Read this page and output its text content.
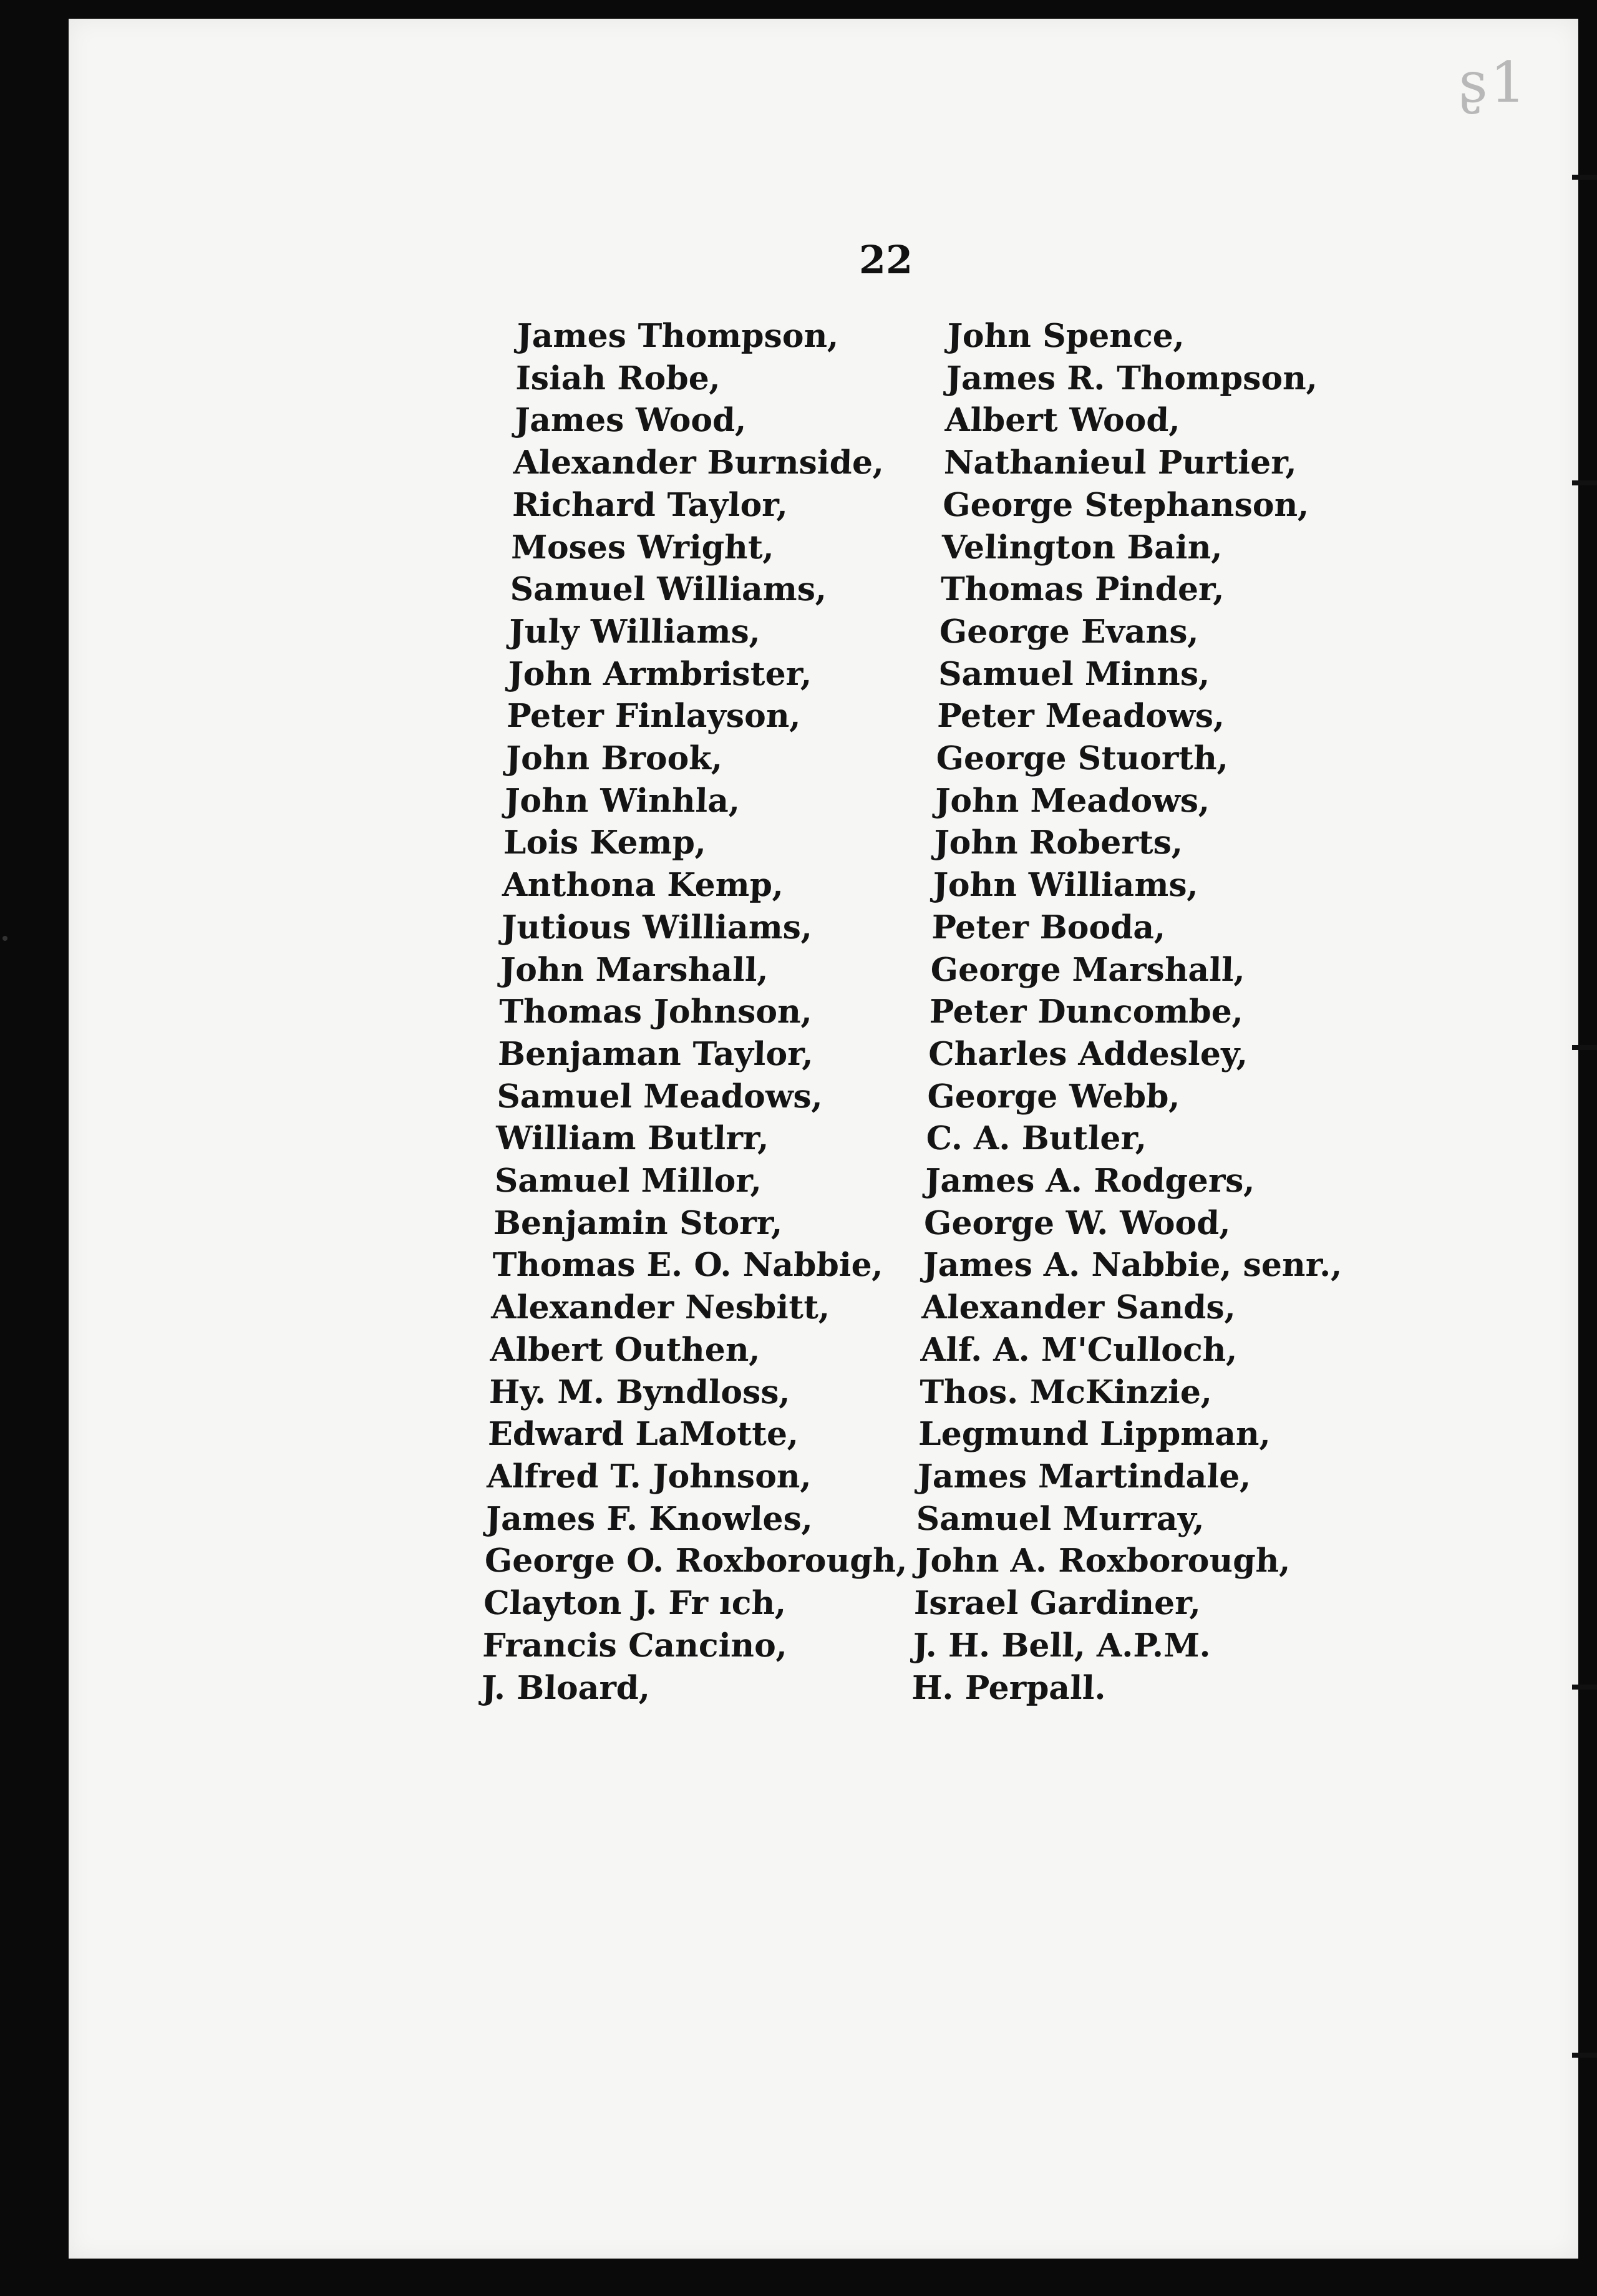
ʂ1
22
James Thompson,
Isiah Robe,
James Wood,
Alexander Burnside,
Richard Taylor,
Moses Wright,
Samuel Williams,
July Williams,
John Armbrister,
Peter Finlayson,
John Brook,
John Winhla,
Lois Kemp,
Anthona Kemp,
Jutious Williams,
John Marshall,
Thomas Johnson,
Benjaman Taylor,
Samuel Meadows,
William Butlrr,
Samuel Millor,
Benjamin Storr,
Thomas E. O. Nabbie,
Alexander Nesbitt,
Albert Outhen,
Hy. M. Byndloss,
Edward LaMotte,
Alfred T. Johnson,
James F. Knowles,
George O. Roxborough,
Clayton J. Fr ıch,
Francis Cancino,
J. Bloard,
John Spence,
James R. Thompson,
Albert Wood,
Nathanieul Purtier,
George Stephanson,
Velington Bain,
Thomas Pinder,
George Evans,
Samuel Minns,
Peter Meadows,
George Stuorth,
John Meadows,
John Roberts,
John Williams,
Peter Booda,
George Marshall,
Peter Duncombe,
Charles Addesley,
George Webb,
C. A. Butler,
James A. Rodgers,
George W. Wood,
James A. Nabbie, senr.,
Alexander Sands,
Alf. A. M'Culloch,
Thos. McKinzie,
Legmund Lippman,
James Martindale,
Samuel Murray,
John A. Roxborough,
Israel Gardiner,
J. H. Bell, A.P.M.
H. Perpall.
